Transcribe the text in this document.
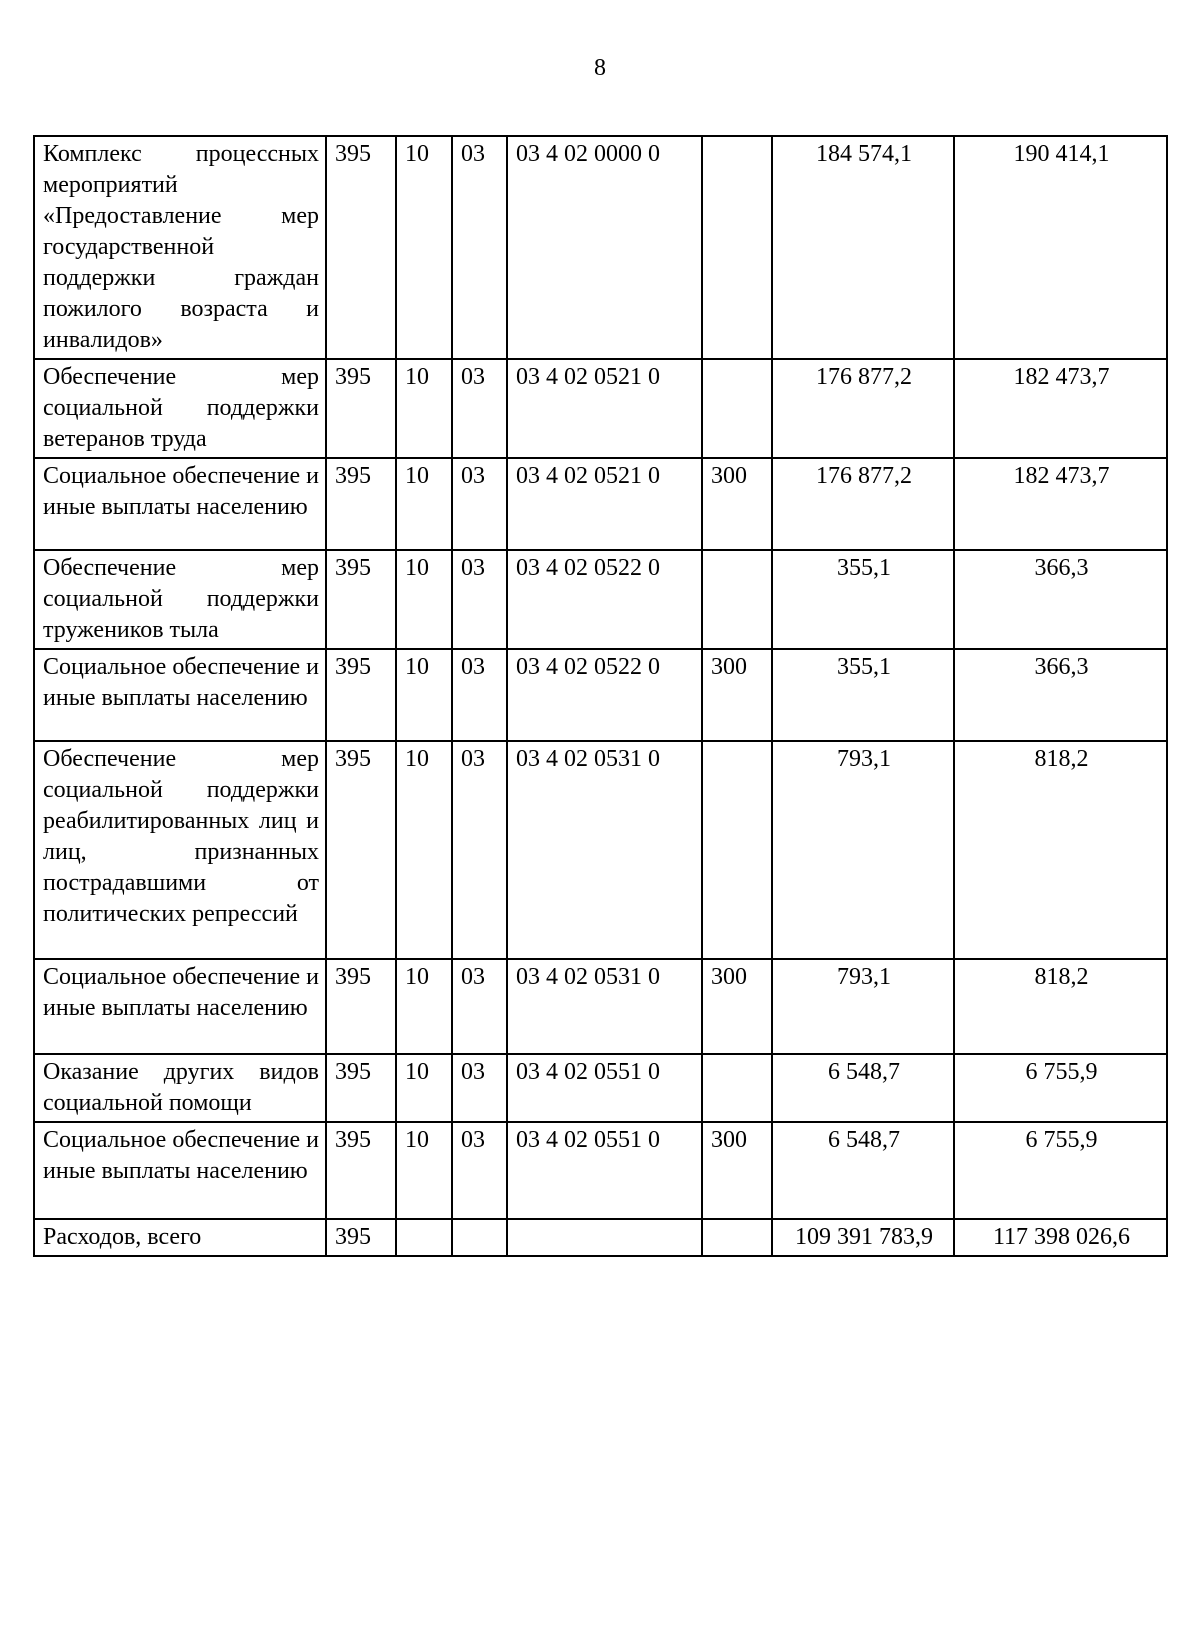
8
Комплекс процессных мероприятий «Предоставление мер государственной поддержки граждан пожилого возраста и инвалидов»	395	10	03	03 4 02 0000 0		184 574,1	190 414,1
Обеспечение мер социальной поддержки ветеранов труда	395	10	03	03 4 02 0521 0		176 877,2	182 473,7
Социальное обеспечение и иные выплаты населению	395	10	03	03 4 02 0521 0	300	176 877,2	182 473,7
Обеспечение мер социальной поддержки тружеников тыла	395	10	03	03 4 02 0522 0		355,1	366,3
Социальное обеспечение и иные выплаты населению	395	10	03	03 4 02 0522 0	300	355,1	366,3
Обеспечение мер социальной поддержки реабилитированных лиц и лиц, признанных пострадавшими от политических репрессий	395	10	03	03 4 02 0531 0		793,1	818,2
Социальное обеспечение и иные выплаты населению	395	10	03	03 4 02 0531 0	300	793,1	818,2
Оказание других видов социальной помощи	395	10	03	03 4 02 0551 0		6 548,7	6 755,9
Социальное обеспечение и иные выплаты населению	395	10	03	03 4 02 0551 0	300	6 548,7	6 755,9
Расходов, всего	395					109 391 783,9	117 398 026,6
